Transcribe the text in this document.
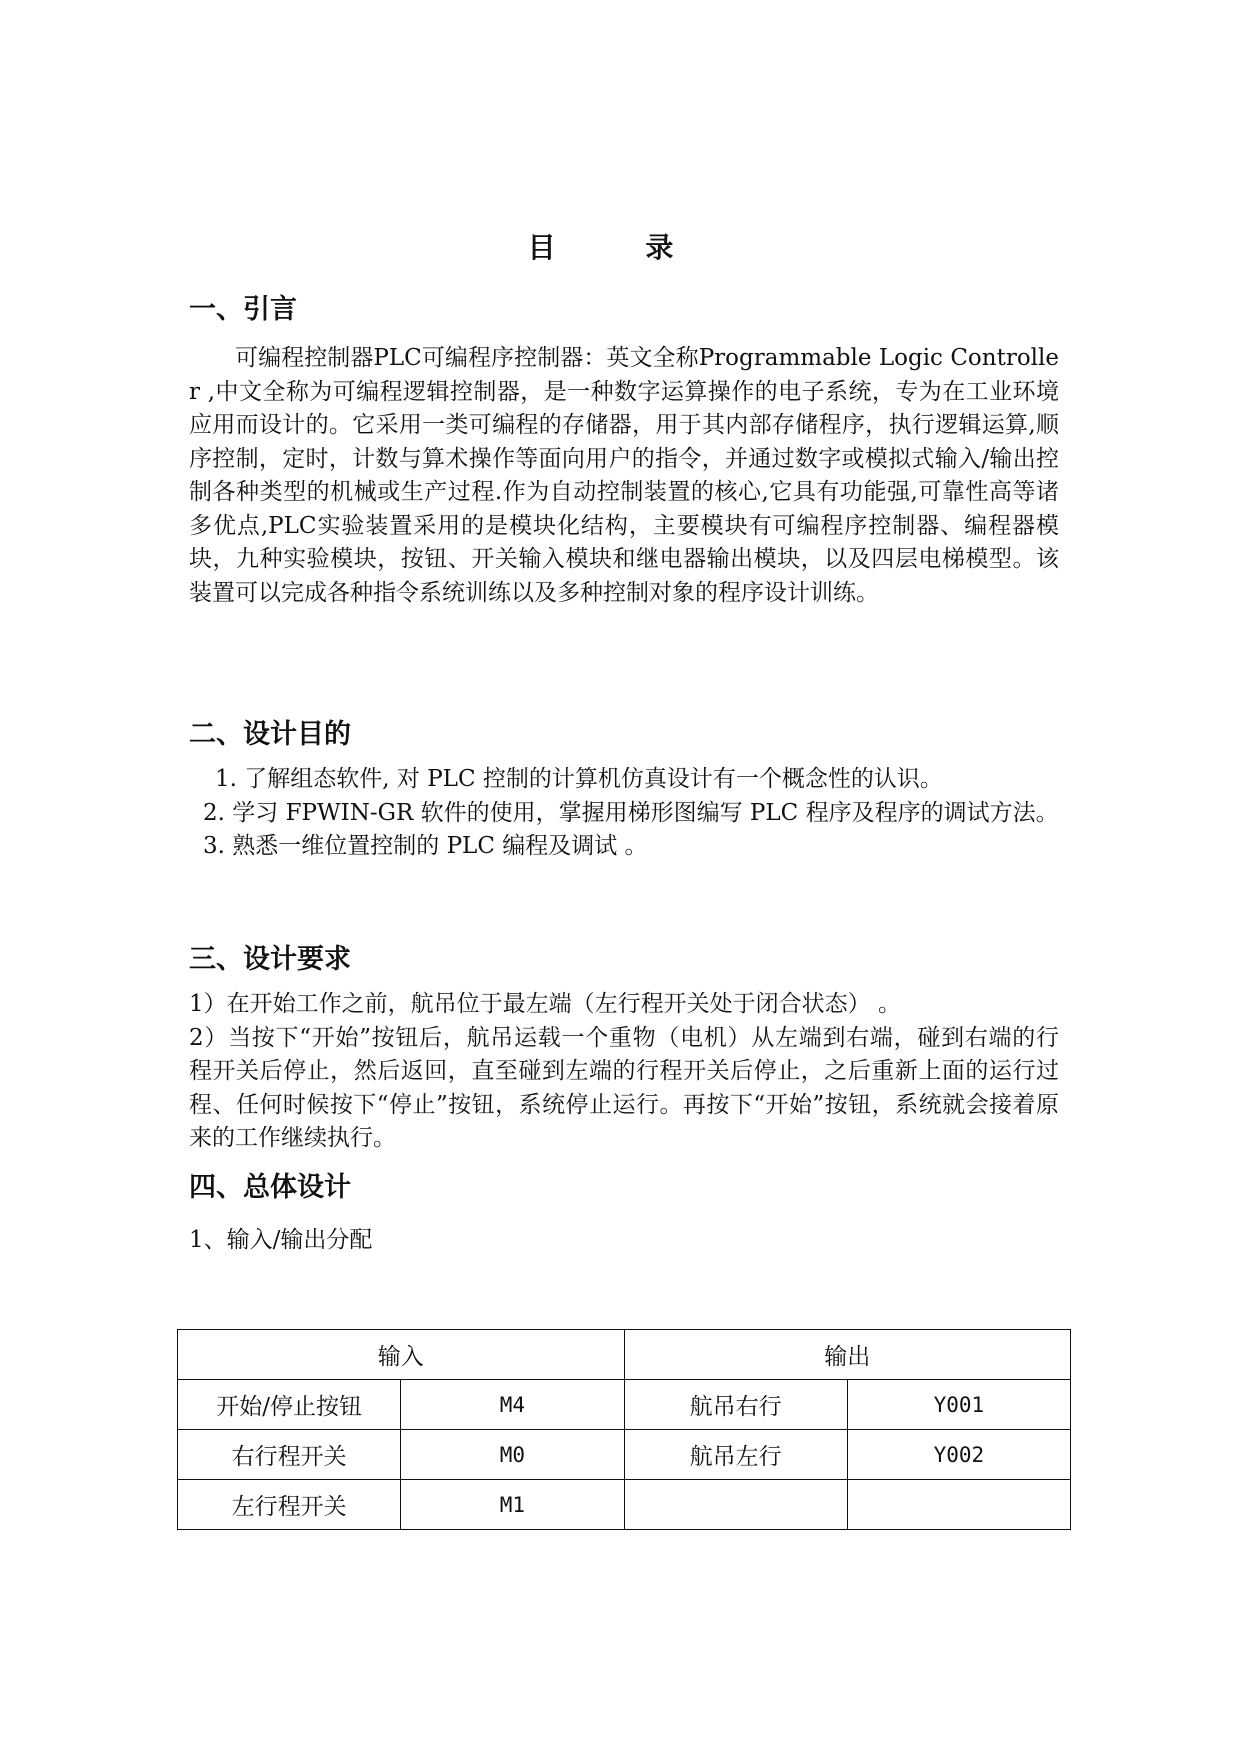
目 录
一、引言

可编程控制器PLC可编程序控制器：英文全称Programmable Logic Controller ,中文全称为可编程逻辑控制器，是一种数字运算操作的电子系统，专为在工业环境应用而设计的。它采用一类可编程的存储器，用于其内部存储程序，执行逻辑运算,顺序控制，定时，计数与算术操作等面向用户的指令，并通过数字或模拟式输入/输出控制各种类型的机械或生产过程.作为自动控制装置的核心,它具有功能强,可靠性高等诸多优点,PLC实验装置采用的是模块化结构，主要模块有可编程序控制器、编程器模块，九种实验模块，按钮、开关输入模块和继电器输出模块，以及四层电梯模型。该装置可以完成各种指令系统训练以及多种控制对象的程序设计训练。

二、设计目的

1. 了解组态软件, 对 PLC 控制的计算机仿真设计有一个概念性的认识。

2. 学习 FPWIN-GR 软件的使用，掌握用梯形图编写 PLC 程序及程序的调试方法。

3. 熟悉一维位置控制的 PLC 编程及调试 。

三、设计要求

1）在开始工作之前，航吊位于最左端（左行程开关处于闭合状态） 。

2）当按下“开始”按钮后，航吊运载一个重物（电机）从左端到右端，碰到右端的行 程开关后停止，然后返回，直至碰到左端的行程开关后停止，之后重新上面的运行过程、任何时候按下“停止”按钮，系统停止运行。再按下“开始”按钮，系统就会接着原 来的工作继续执行。

四、总体设计

1、输入/输出分配

输入		输出	
开始/停止按钮	M4	航吊右行	Y001
右行程开关	M0	航吊左行	Y002
左行程开关	M1		
